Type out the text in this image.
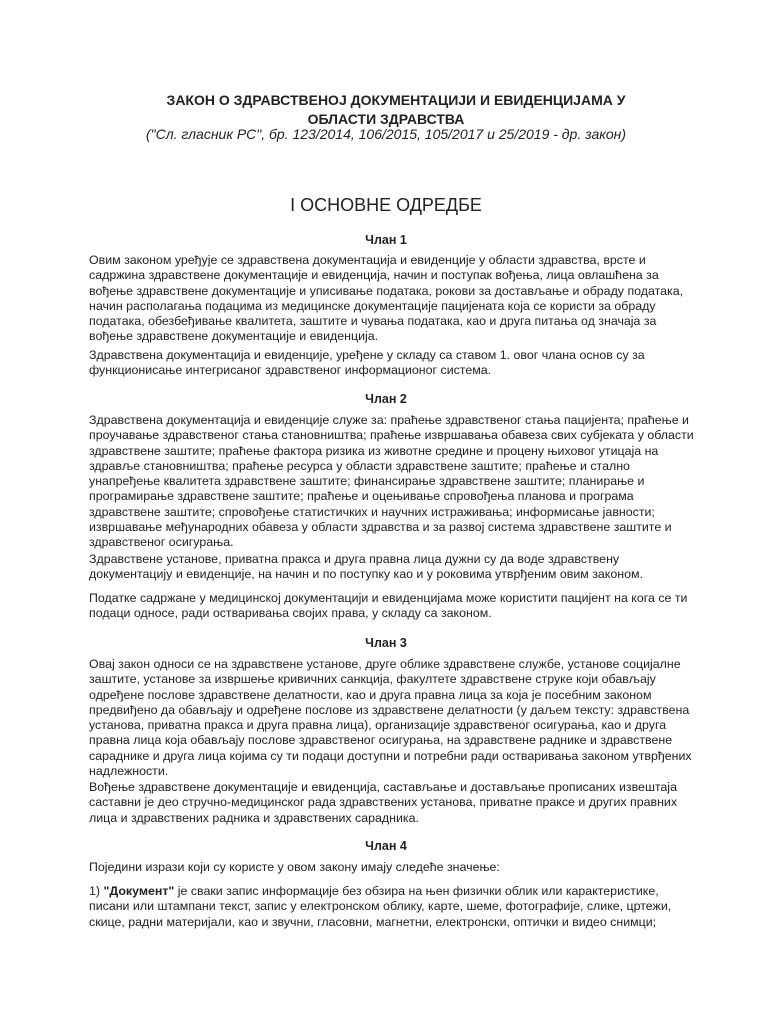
ЗАКОН О ЗДРАВСТВЕНОЈ ДОКУМЕНТАЦИЈИ И ЕВИДЕНЦИЈАМА У
ОБЛАСТИ ЗДРАВСТВА

("Сл. гласник РС", бр. 123/2014, 106/2015, 105/2017 и 25/2019 - др. закон)

I ОСНОВНЕ ОДРЕДБЕ
Члан 1

Овим законом уређује се здравствена документација и евиденције у области здравства, врсте и
садржина здравствене документације и евиденција, начин и поступак вођења, лица овлашћена за
вођење здравствене документације и уписивање података, рокови за достављање и обраду података,
начин располагања подацима из медицинске документације пацијената која се користи за обраду
података, обезбеђивање квалитета, заштите и чувања података, као и друга питања од значаја за
вођење здравствене документације и евиденција.

Здравствена документација и евиденције, уређене у складу са ставом 1. овог члана основ су за
функционисање интегрисаног здравственог информационог система.

Члан 2

Здравствена документација и евиденције служе за: праћење здравственог стања пацијента; праћење и
проучавање здравственог стања становништва; праћење извршавања обавеза свих субјеката у области
здравствене заштите; праћење фактора ризика из животне средине и процену њиховог утицаја на
здравље становништва; праћење ресурса у области здравствене заштите; праћење и стално
унапређење квалитета здравствене заштите; финансирање здравствене заштите; планирање и
програмирање здравствене заштите; праћење и оцењивање спровођења планова и програма
здравствене заштите; спровођење статистичких и научних истраживања; информисање јавности;
извршавање међународних обавеза у области здравства и за развој система здравствене заштите и
здравственог осигурања.

Здравствене установе, приватна пракса и друга правна лица дужни су да воде здравствену
документацију и евиденције, на начин и по поступку као и у роковима утврђеним овим законом.

Податке садржане у медицинској документацији и евиденцијама може користити пацијент на кога се ти
подаци односе, ради остваривања својих права, у складу са законом.

Члан 3

Овај закон односи се на здравствене установе, друге облике здравствене службе, установе социјалне
заштите, установе за извршење кривичних санкција, факултете здравствене струке који обављају
одређене послове здравствене делатности, као и друга правна лица за која је посебним законом
предвиђено да обављају и одређене послове из здравствене делатности (у даљем тексту: здравствена
установа, приватна пракса и друга правна лица), организације здравственог осигурања, као и друга
правна лица која обављају послове здравственог осигурања, на здравствене раднике и здравствене
сараднике и друга лица којима су ти подаци доступни и потребни ради остваривања законом утврђених
надлежности.

Вођење здравствене документације и евиденција, састављање и достављање прописаних извештаја
саставни је део стручно-медицинског рада здравствених установа, приватне праксе и других правних
лица и здравствених радника и здравствених сарадника.

Члан 4

Поједини изрази који су користе у овом закону имају следеће значење:

1) "Документ" је сваки запис информације без обзира на њен физички облик или карактеристике,
писани или штампани текст, запис у електронском облику, карте, шеме, фотографије, слике, цртежи,
скице, радни материјали, као и звучни, гласовни, магнетни, електронски, оптички и видео снимци;
